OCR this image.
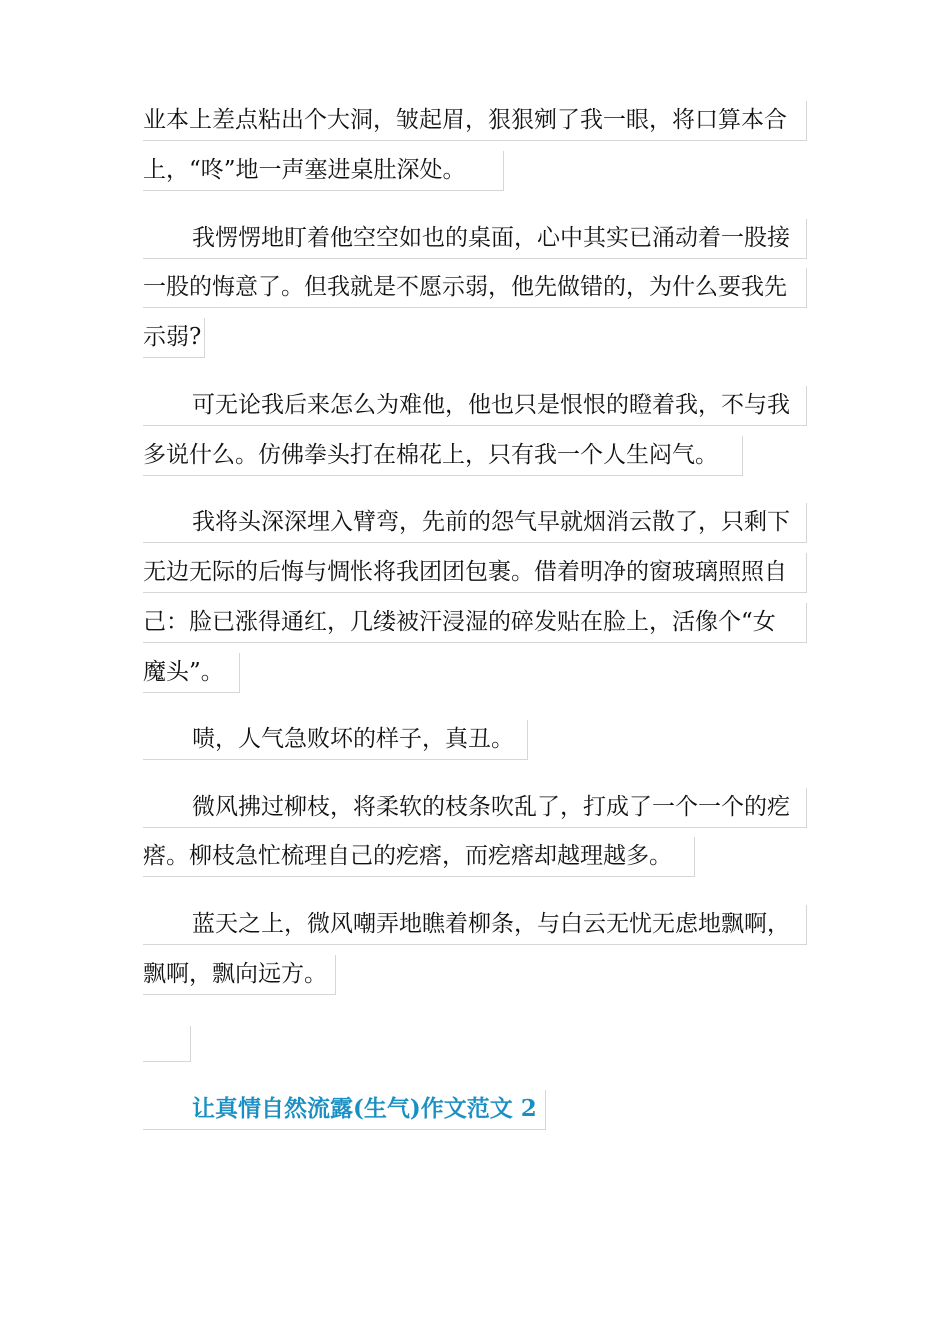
业本上差点粘出个大洞，皱起眉，狠狠剜了我一眼，将口算本合
上，“咚”地一声塞进桌肚深处。
我愣愣地盯着他空空如也的桌面，心中其实已涌动着一股接
一股的悔意了。但我就是不愿示弱，他先做错的，为什么要我先
示弱?
可无论我后来怎么为难他，他也只是恨恨的瞪着我，不与我
多说什么。仿佛拳头打在棉花上，只有我一个人生闷气。
我将头深深埋入臂弯，先前的怨气早就烟消云散了，只剩下
无边无际的后悔与惆怅将我团团包裹。借着明净的窗玻璃照照自
己：脸已涨得通红，几缕被汗浸湿的碎发贴在脸上，活像个“女
魔头”。
啧，人气急败坏的样子，真丑。
微风拂过柳枝，将柔软的枝条吹乱了，打成了一个一个的疙
瘩。柳枝急忙梳理自己的疙瘩，而疙瘩却越理越多。
蓝天之上，微风嘲弄地瞧着柳条，与白云无忧无虑地飘啊，
飘啊，飘向远方。
让真情自然流露(生气)作文范文 2
